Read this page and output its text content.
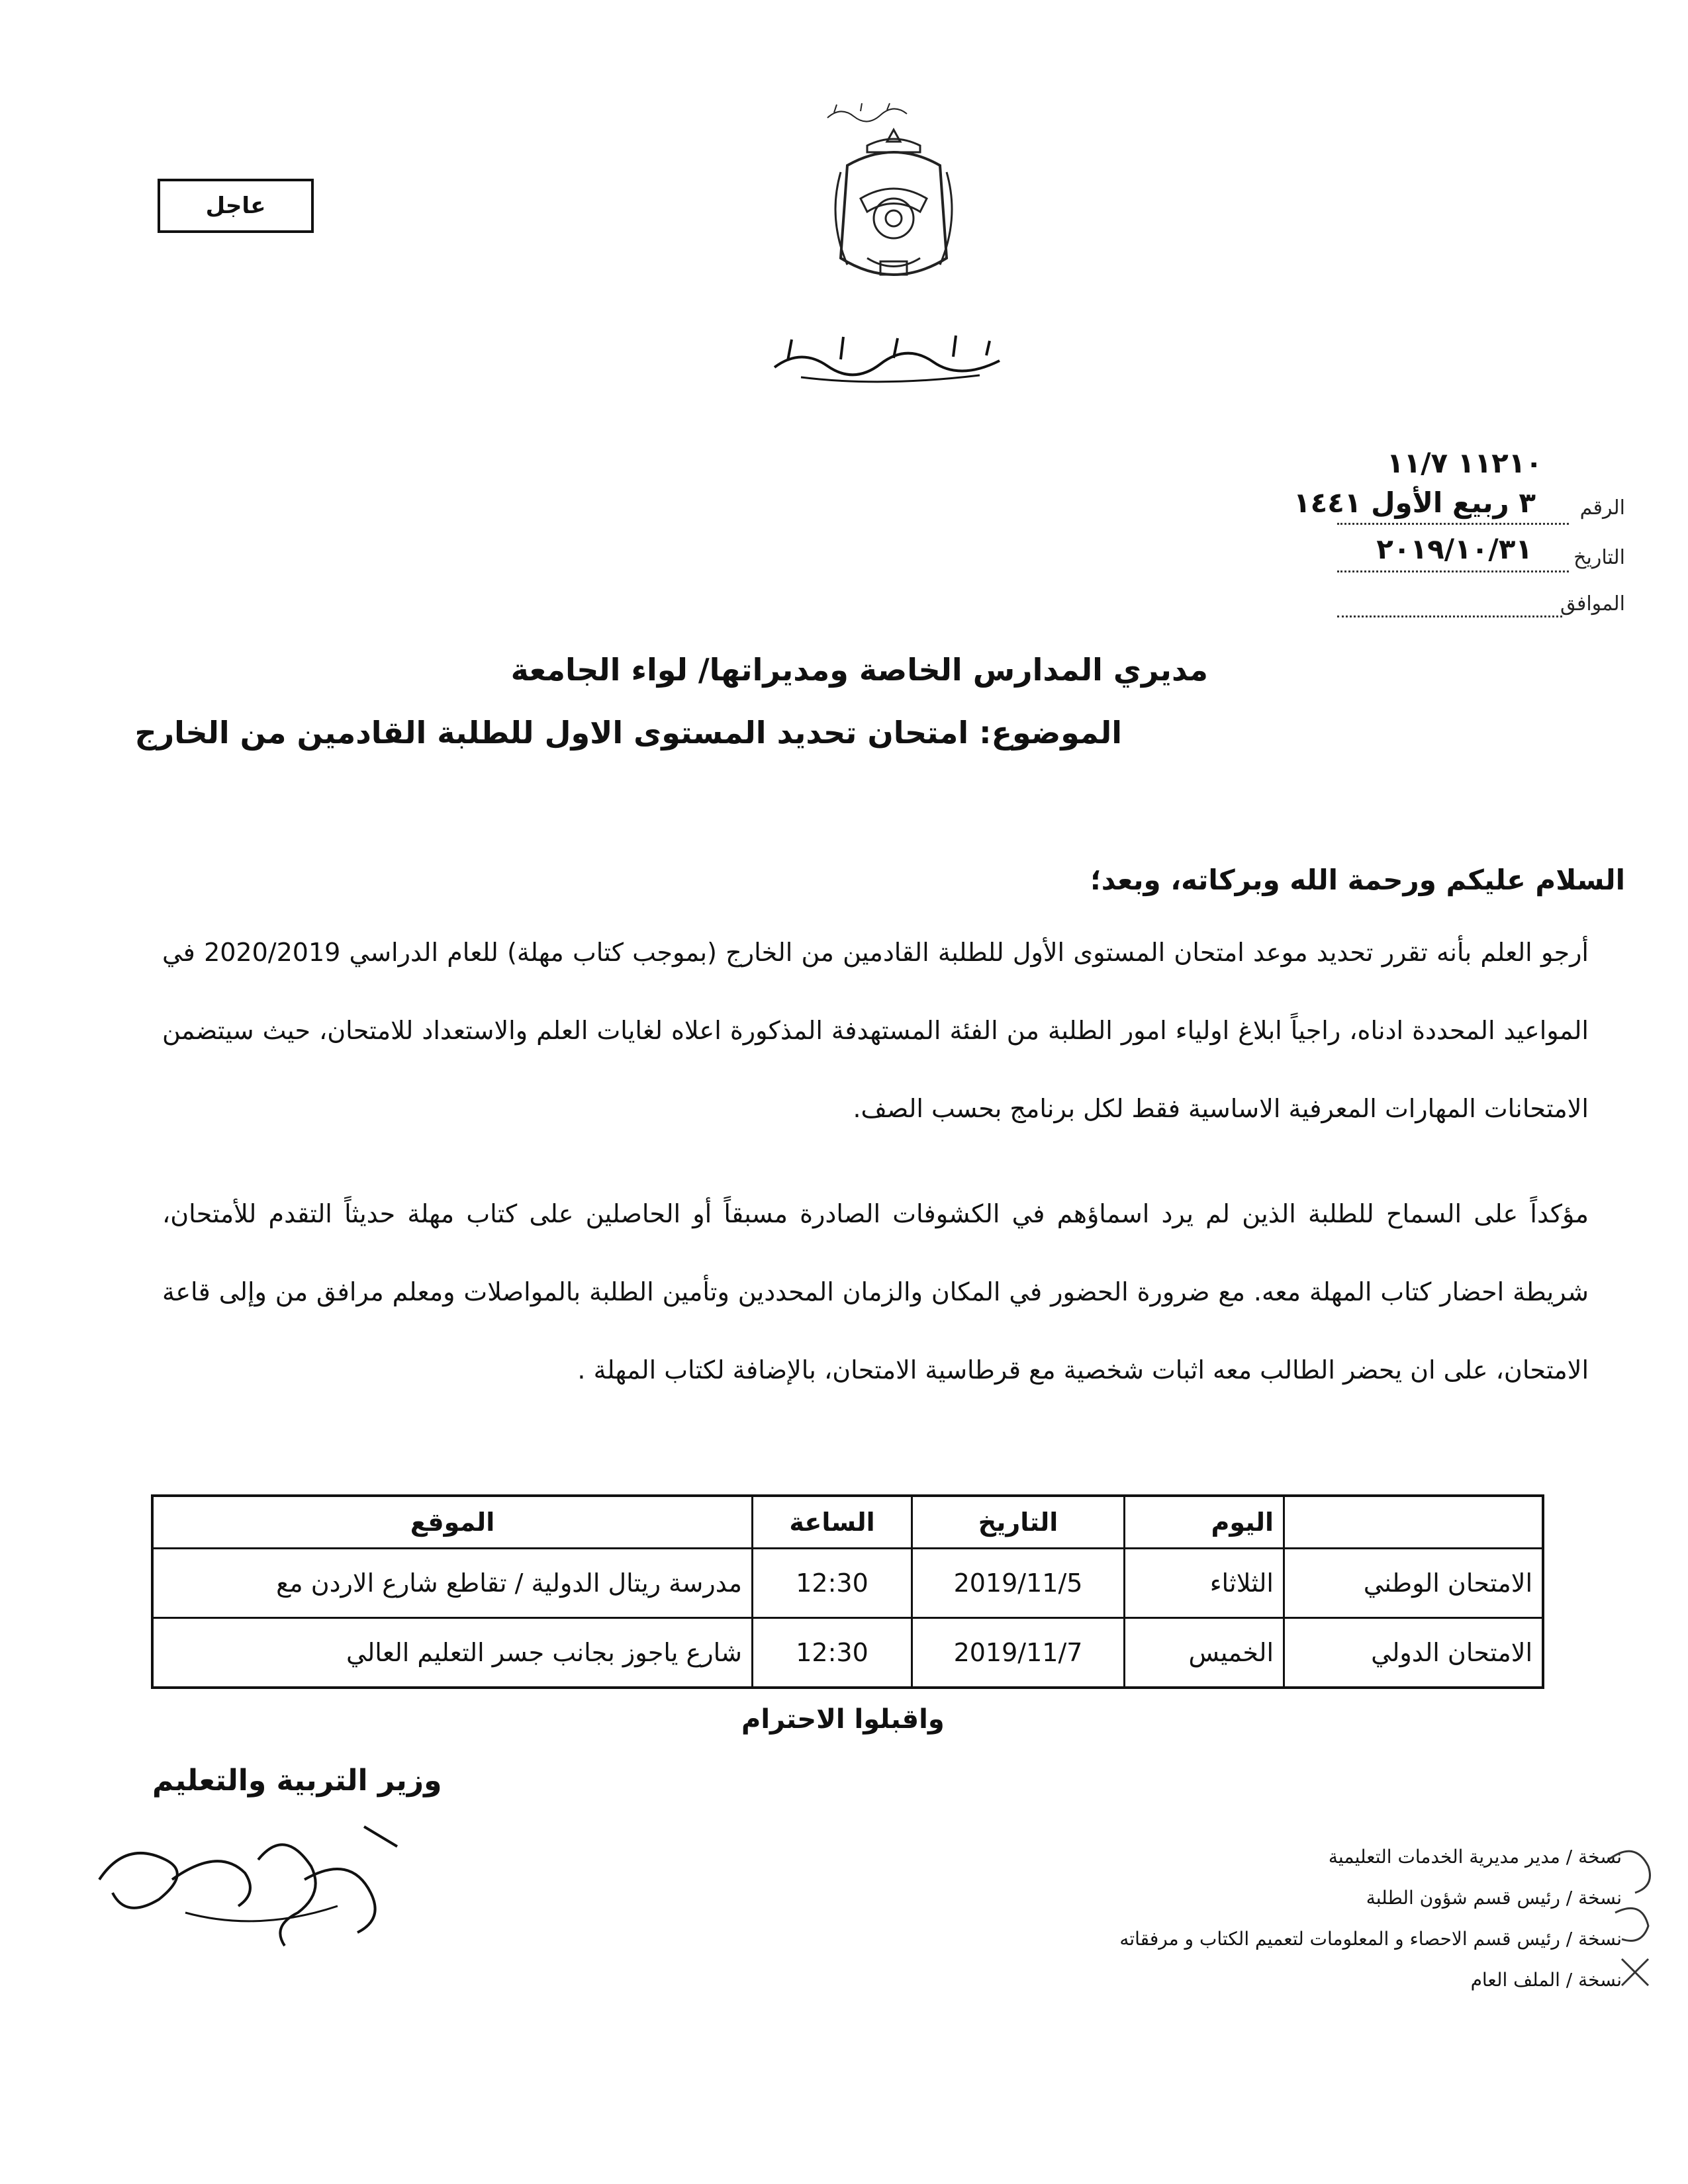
عاجل
١١٢١٠ ١١/٧
الرقم
٣ ربيع الأول ١٤٤١
التاريخ
٢٠١٩/١٠/٣١
الموافق
مديري المدارس الخاصة ومديراتها/ لواء الجامعة
الموضوع: امتحان تحديد المستوى الاول للطلبة القادمين من الخارج
السلام عليكم ورحمة الله وبركاته، وبعد؛
أرجو العلم بأنه تقرر تحديد موعد امتحان المستوى الأول للطلبة القادمين من الخارج (بموجب كتاب مهلة) للعام الدراسي 2020/2019 في المواعيد المحددة ادناه، راجياً ابلاغ اولياء امور الطلبة من الفئة المستهدفة المذكورة اعلاه لغايات العلم والاستعداد للامتحان، حيث سيتضمن الامتحانات المهارات المعرفية الاساسية فقط لكل برنامج بحسب الصف.
مؤكداً على السماح للطلبة الذين لم يرد اسماؤهم في الكشوفات الصادرة مسبقاً أو الحاصلين على كتاب مهلة حديثاً التقدم للأمتحان، شريطة احضار كتاب المهلة معه. مع ضرورة الحضور في المكان والزمان المحددين وتأمين الطلبة بالمواصلات ومعلم مرافق من وإلى قاعة الامتحان، على ان يحضر الطالب معه اثبات شخصية مع قرطاسية الامتحان، بالإضافة لكتاب المهلة .
	اليوم	التاريخ	الساعة	الموقع
الامتحان الوطني	الثلاثاء	2019/11/5	12:30	مدرسة ريتال الدولية / تقاطع شارع الاردن مع
الامتحان الدولي	الخميس	2019/11/7	12:30	شارع ياجوز بجانب جسر التعليم العالي
واقبلوا الاحترام
وزير التربية والتعليم
نسخة / مدير مديرية الخدمات التعليمية
نسخة / رئيس قسم شؤون الطلبة
نسخة / رئيس قسم الاحصاء و المعلومات لتعميم الكتاب و مرفقاته
نسخة / الملف العام
